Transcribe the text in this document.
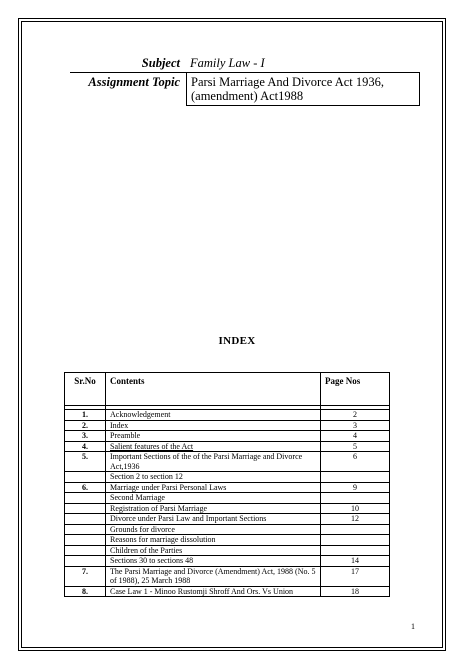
Subject Family Law - I
Assignment Topic Parsi Marriage And Divorce Act 1936,
(amendment) Act1988
INDEX
Sr.No	Contents	Page Nos

1.	Acknowledgement	2
2.	Index	3
3.	Preamble	4
4.	Salient features of the Act	5
5.	Important Sections of the of the Parsi Marriage and Divorce Act,1936	6
	Section 2 to section 12	
6.	Marriage under Parsi Personal Laws	9
	Second Marriage	
	Registration of Parsi Marriage	10
	Divorce under Parsi Law and Important Sections	12
	Grounds for divorce	
	Reasons for marriage dissolution	
	Children of the Parties	
	Sections 30 to sections 48	14
7.	The Parsi Marriage and Divorce (Amendment) Act, 1988 (No. 5 of 1988), 25 March 1988	17
8.	Case Law 1 - Minoo Rustomji Shroff And Ors. Vs Union	18
1
